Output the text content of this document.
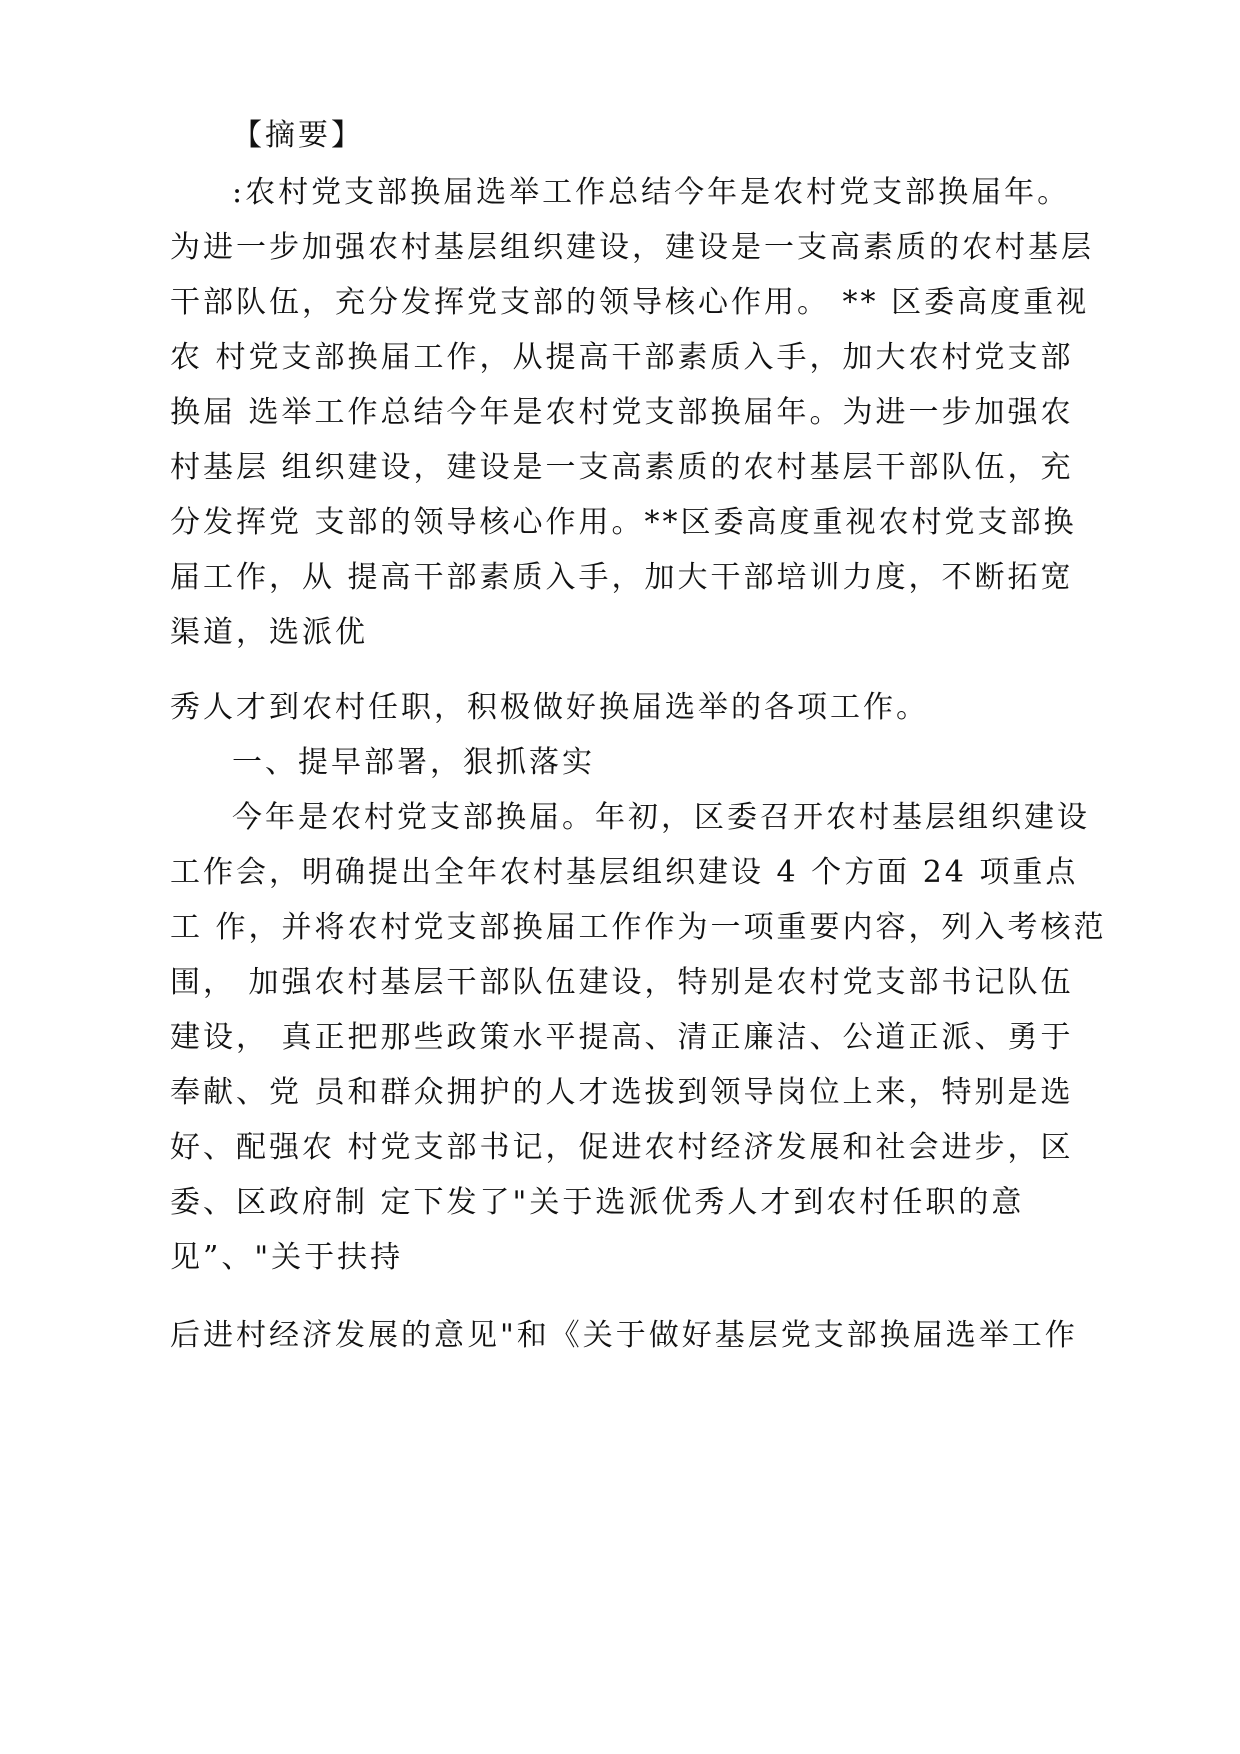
【摘要】
:农村党支部换届选举工作总结今年是农村党支部换届年。
为进一步加强农村基层组织建设，建设是一支高素质的农村基层
干部队伍，充分发挥党支部的领导核心作用。 ** 区委高度重视
农 村党支部换届工作，从提高干部素质入手，加大农村党支部
换届 选举工作总结今年是农村党支部换届年。为进一步加强农
村基层 组织建设，建设是一支高素质的农村基层干部队伍，充
分发挥党 支部的领导核心作用。**区委高度重视农村党支部换
届工作，从 提高干部素质入手，加大干部培训力度，不断拓宽
渠道，选派优
秀人才到农村任职，积极做好换届选举的各项工作。
一、提早部署，狠抓落实
今年是农村党支部换届。年初，区委召开农村基层组织建设
工作会，明确提出全年农村基层组织建设 4 个方面 24 项重点
工 作，并将农村党支部换届工作作为一项重要内容，列入考核范
围， 加强农村基层干部队伍建设，特别是农村党支部书记队伍
建设， 真正把那些政策水平提高、清正廉洁、公道正派、勇于
奉献、党 员和群众拥护的人才选拔到领导岗位上来，特别是选
好、配强农 村党支部书记，促进农村经济发展和社会进步，区
委、区政府制 定下发了"关于选派优秀人才到农村任职的意
见”、"关于扶持
后进村经济发展的意见"和《关于做好基层党支部换届选举工作
